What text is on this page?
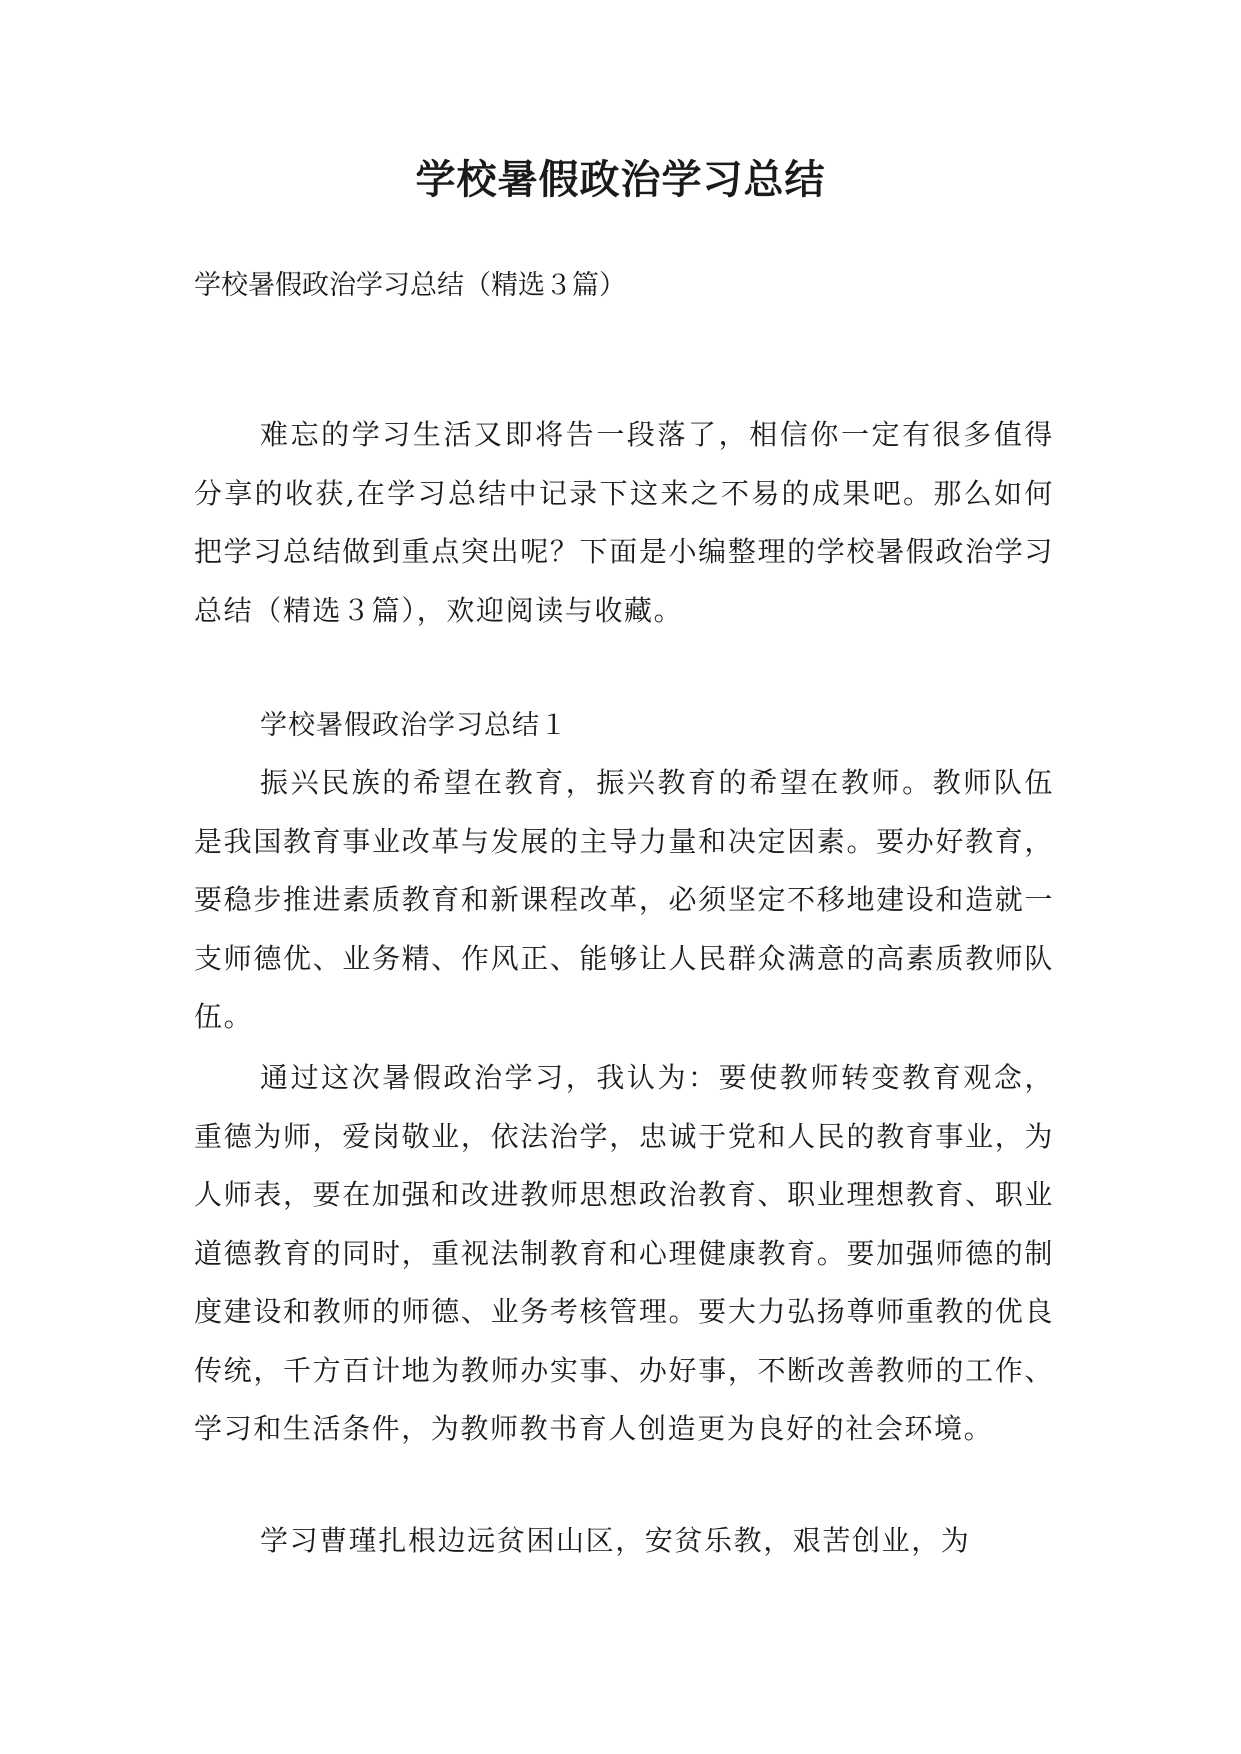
学校暑假政治学习总结

学校暑假政治学习总结（精选３篇）

难忘的学习生活又即将告一段落了，相信你一定有很多值得分享的收获,在学习总结中记录下这来之不易的成果吧。那么如何把学习总结做到重点突出呢？下面是小编整理的学校暑假政治学习总结（精选３篇），欢迎阅读与收藏。

学校暑假政治学习总结１

振兴民族的希望在教育，振兴教育的希望在教师。教师队伍是我国教育事业改革与发展的主导力量和决定因素。要办好教育，要稳步推进素质教育和新课程改革，必须坚定不移地建设和造就一支师德优、业务精、作风正、能够让人民群众满意的高素质教师队伍。

通过这次暑假政治学习，我认为：要使教师转变教育观念，重德为师，爱岗敬业，依法治学，忠诚于党和人民的教育事业，为人师表，要在加强和改进教师思想政治教育、职业理想教育、职业道德教育的同时，重视法制教育和心理健康教育。要加强师德的制度建设和教师的师德、业务考核管理。要大力弘扬尊师重教的优良传统，千方百计地为教师办实事、办好事，不断改善教师的工作、学习和生活条件，为教师教书育人创造更为良好的社会环境。

学习曹瑾扎根边远贫困山区，安贫乐教，艰苦创业，为
